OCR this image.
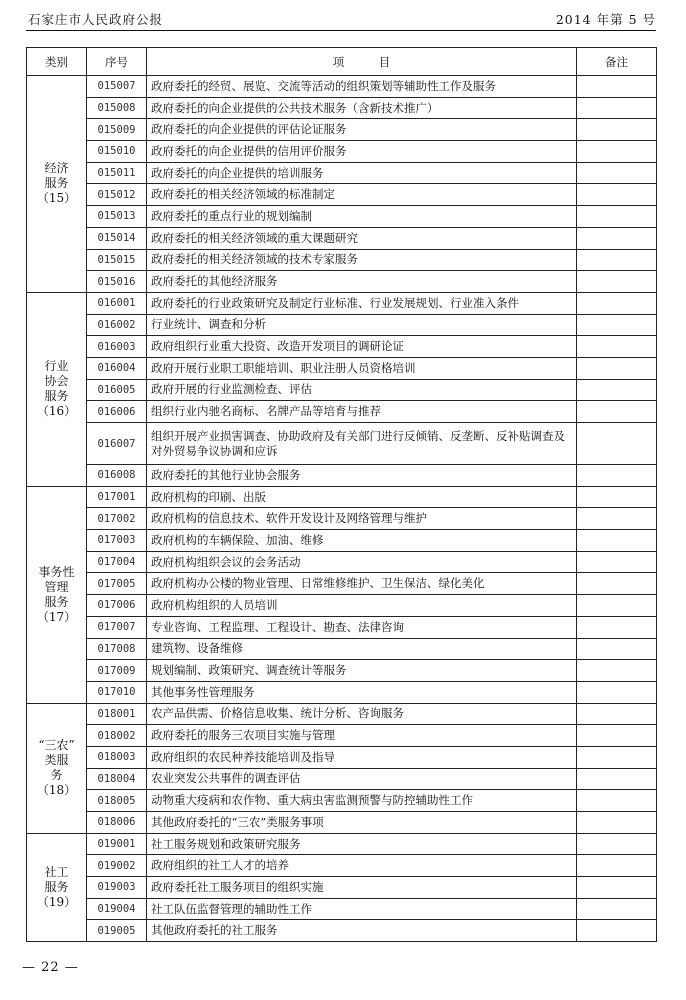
石家庄市人民政府公报	2014 年第 5 号
类别	序号	项　　　目	备注

经济
服务
（15）	015007	政府委托的经贸、展览、交流等活动的组织策划等辅助性工作及服务	
	015008	政府委托的向企业提供的公共技术服务（含新技术推广）	
	015009	政府委托的向企业提供的评估论证服务	
	015010	政府委托的向企业提供的信用评价服务	
	015011	政府委托的向企业提供的培训服务	
	015012	政府委托的相关经济领域的标准制定	
	015013	政府委托的重点行业的规划编制	
	015014	政府委托的相关经济领域的重大课题研究	
	015015	政府委托的相关经济领域的技术专家服务	
	015016	政府委托的其他经济服务	

行业
协会
服务
（16）	016001	政府委托的行业政策研究及制定行业标准、行业发展规划、行业准入条件	
	016002	行业统计、调查和分析	
	016003	政府组织行业重大投资、改造开发项目的调研论证	
	016004	政府开展行业职工职能培训、职业注册人员资格培训	
	016005	政府开展的行业监测检查、评估	
	016006	组织行业内驰名商标、名牌产品等培育与推荐	
	016007	组织开展产业损害调查、协助政府及有关部门进行反倾销、反垄断、反补贴调查及对外贸易争议协调和应诉	
	016008	政府委托的其他行业协会服务	

事务性
管理
服务
（17）	017001	政府机构的印刷、出版	
	017002	政府机构的信息技术、软件开发设计及网络管理与维护	
	017003	政府机构的车辆保险、加油、维修	
	017004	政府机构组织会议的会务活动	
	017005	政府机构办公楼的物业管理、日常维修维护、卫生保洁、绿化美化	
	017006	政府机构组织的人员培训	
	017007	专业咨询、工程监理、工程设计、勘查、法律咨询	
	017008	建筑物、设备维修	
	017009	规划编制、政策研究、调查统计等服务	
	017010	其他事务性管理服务	

“三农”
类服
务
（18）	018001	农产品供需、价格信息收集、统计分析、咨询服务	
	018002	政府委托的服务三农项目实施与管理	
	018003	政府组织的农民种养技能培训及指导	
	018004	农业突发公共事件的调查评估	
	018005	动物重大疫病和农作物、重大病虫害监测预警与防控辅助性工作	
	018006	其他政府委托的“三农”类服务事项	

社工
服务
（19）	019001	社工服务规划和政策研究服务	
	019002	政府组织的社工人才的培养	
	019003	政府委托社工服务项目的组织实施	
	019004	社工队伍监督管理的辅助性工作	
	019005	其他政府委托的社工服务	
— 22 —
